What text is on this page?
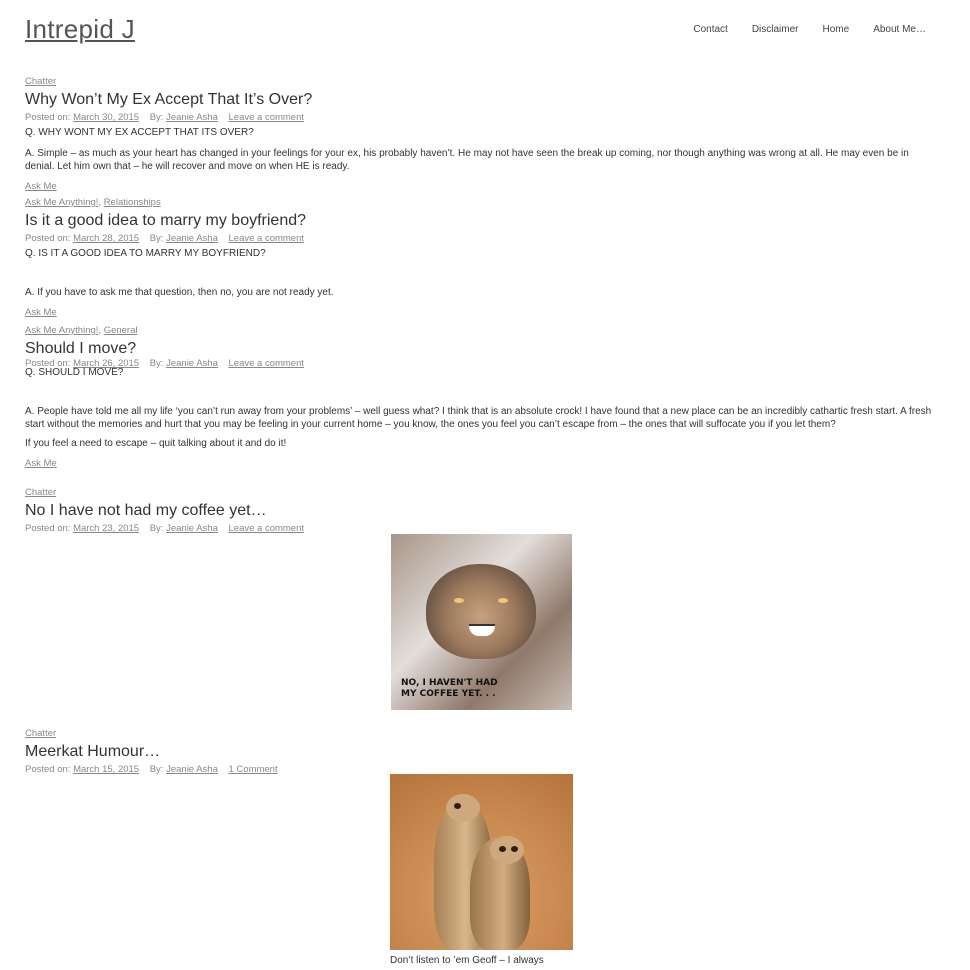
Intrepid J	Contact Disclaimer Home About Me…
Chatter
Why Won’t My Ex Accept That It’s Over?
Posted on: March 30, 2015 By: Jeanie Asha Leave a comment
Q. WHY WONT MY EX ACCEPT THAT ITS OVER?
A. Simple – as much as your heart has changed in your feelings for your ex, his probably haven’t. He may not have seen the break up coming, nor though anything was wrong at all. He may even be in denial. Let him own that – he will recover and move on when HE is ready.
Ask Me
Ask Me Anything!, Relationships
Is it a good idea to marry my boyfriend?
Posted on: March 28, 2015 By: Jeanie Asha Leave a comment
Q. IS IT A GOOD IDEA TO MARRY MY BOYFRIEND?
A. If you have to ask me that question, then no, you are not ready yet.
Ask Me
Ask Me Anything!, General
Should I move?
Posted on: March 26, 2015 By: Jeanie Asha Leave a comment
Q. SHOULD I MOVE?
A. People have told me all my life ‘you can’t run away from your problems’ – well guess what? I think that is an absolute crock! I have found that a new place can be an incredibly cathartic fresh start. A fresh start without the memories and hurt that you may be feeling in your current home – you know, the ones you feel you can’t escape from – the ones that will suffocate you if you let them?
If you feel a need to escape – quit talking about it and do it!
Ask Me
Chatter
No I have not had my coffee yet…
Posted on: March 23, 2015 By: Jeanie Asha Leave a comment
NO, I HAVEN'T HAD
MY COFFEE YET. . .
Chatter
Meerkat Humour…
Posted on: March 15, 2015 By: Jeanie Asha 1 Comment
Don’t listen to ’em Geoff – I always
